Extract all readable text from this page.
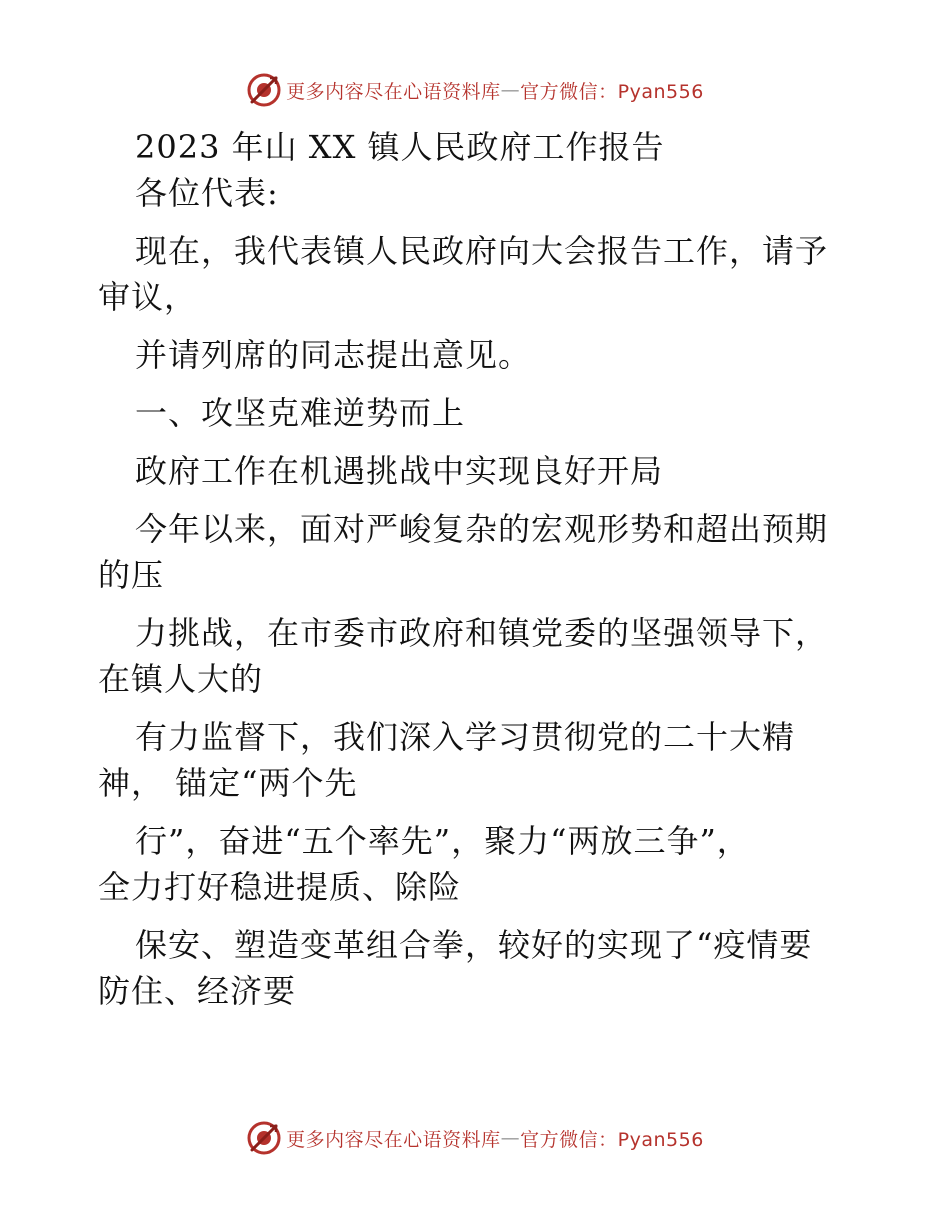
更多内容尽在心语资料库 — 官方微信：Pyan556

2023 年山 XX 镇人民政府工作报告

各位代表:

现在，我代表镇人民政府向大会报告工作，请予

审议，

并请列席的同志提出意见。

一、攻坚克难逆势而上

政府工作在机遇挑战中实现良好开局

今年以来，面对严峻复杂的宏观形势和超出预期

的压

力挑战，在市委市政府和镇党委的坚强领导下，

在镇人大的

有力监督下，我们深入学习贯彻党的二十大精

神， 锚定“两个先

行”，奋进“五个率先”，聚力“两放三争”，

全力打好稳进提质、除险

保安、塑造变革组合拳，较好的实现了“疫情要

防住、经济要

更多内容尽在心语资料库 — 官方微信：Pyan556
